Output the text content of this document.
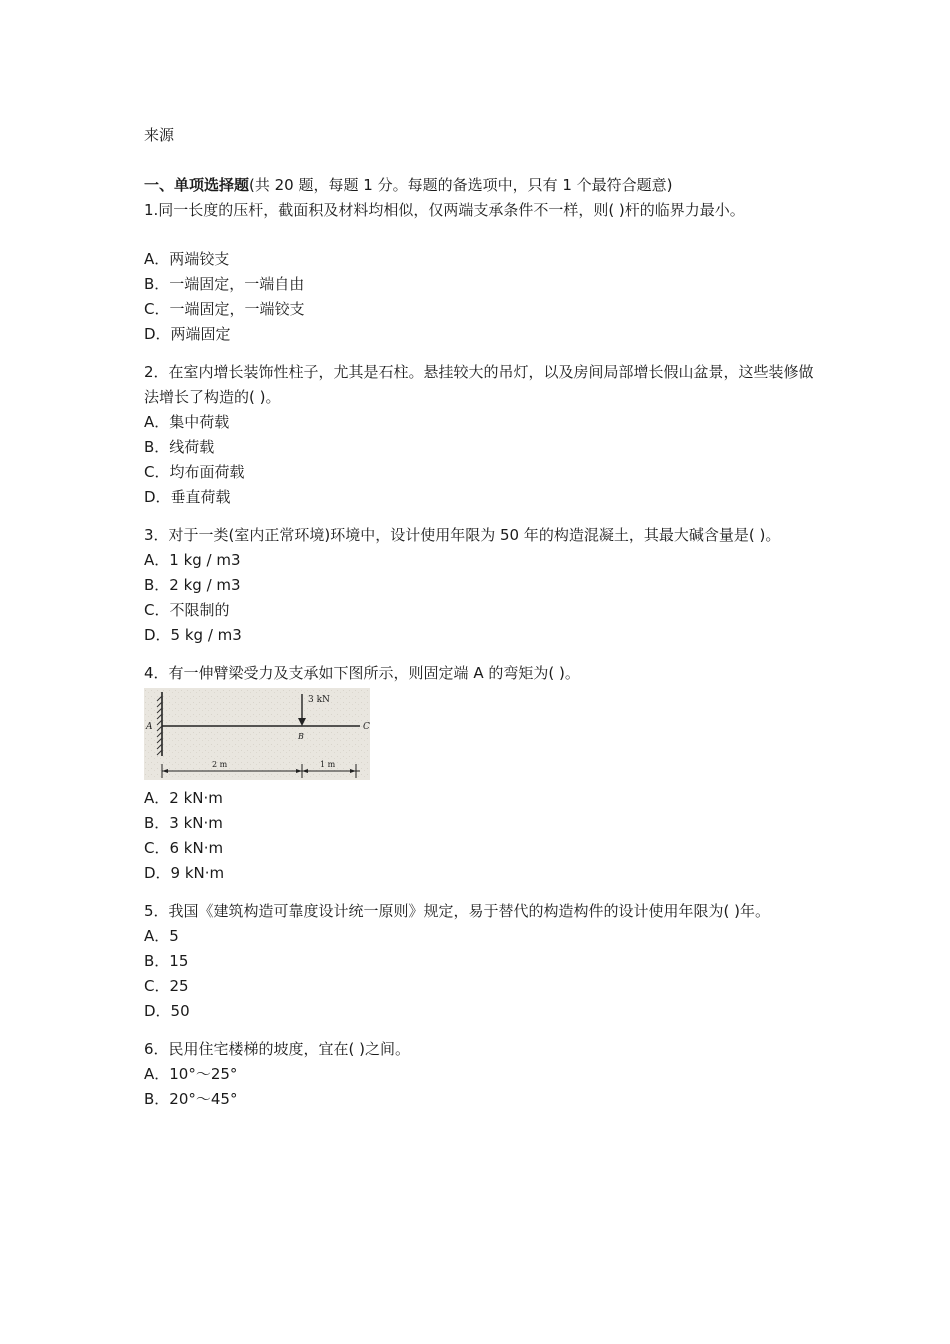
来源
一、单项选择题(共 20 题，每题 1 分。每题的备选项中，只有 1 个最符合题意)
1.同一长度的压杆，截面积及材料均相似，仅两端支承条件不一样，则( )杆的临界力最小。
A．两端铰支
B．一端固定，一端自由
C．一端固定，一端铰支
D．两端固定
2．在室内增长装饰性柱子，尤其是石柱。悬挂较大的吊灯，以及房间局部增长假山盆景，这些装修做法增长了构造的( )。
A．集中荷载
B．线荷载
C．均布面荷载
D．垂直荷载
3．对于一类(室内正常环境)环境中，设计使用年限为 50 年的构造混凝土，其最大碱含量是( )。
A．1 kg / m3
B．2 kg / m3
C．不限制的
D．5 kg / m3
4．有一伸臂梁受力及支承如下图所示，则固定端 A 的弯矩为( )。
3 kN
A
B
C
2 m	1 m
A．2 kN·m
B．3 kN·m
C．6 kN·m
D．9 kN·m
5．我国《建筑构造可靠度设计统一原则》规定，易于替代的构造构件的设计使用年限为( )年。
A．5
B．15
C．25
D．50
6．民用住宅楼梯的坡度，宜在( )之间。
A．10°～25°
B．20°～45°
